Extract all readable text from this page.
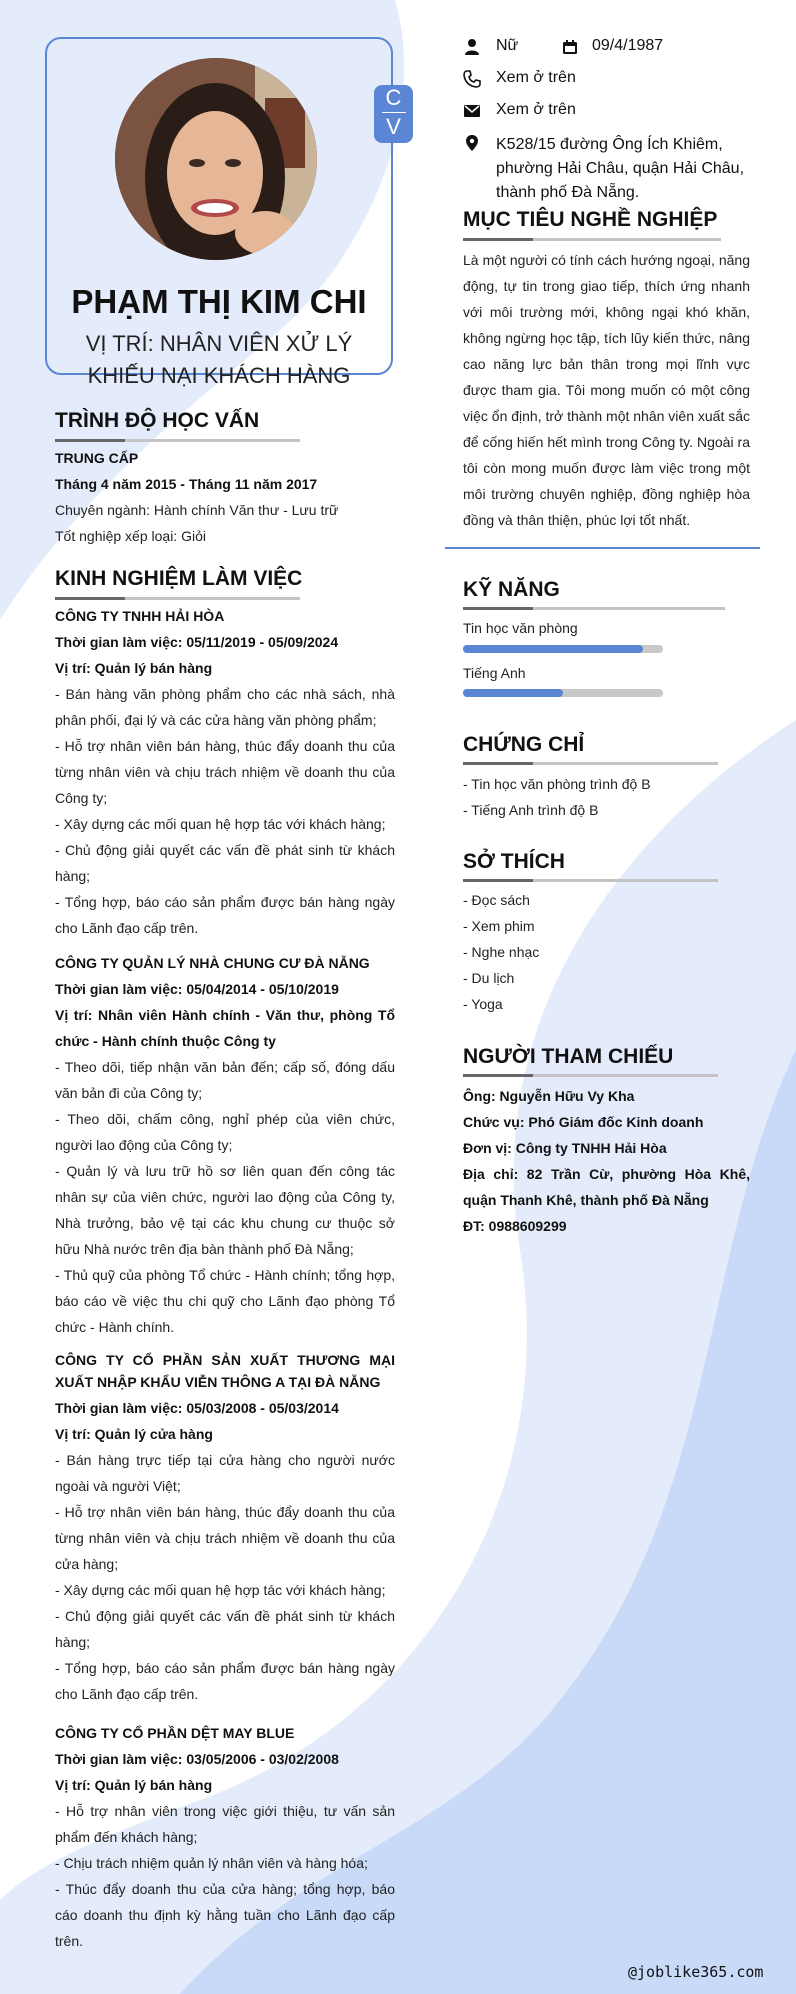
C
V
PHẠM THỊ KIM CHI
VỊ TRÍ: NHÂN VIÊN XỬ LÝ
KHIẾU NẠI KHÁCH HÀNG
Nữ	09/4/1987
Xem ở trên
Xem ở trên
K528/15 đường Ông Ích Khiêm,
phường Hải Châu, quận Hải Châu,
thành phố Đà Nẵng.
MỤC TIÊU NGHỀ NGHIỆP

Là một người có tính cách hướng ngoại, năng động, tự tin trong giao tiếp, thích ứng nhanh với môi trường mới, không ngại khó khăn, không ngừng học tập, tích lũy kiến thức, nâng cao năng lực bản thân trong mọi lĩnh vực được tham gia. Tôi mong muốn có một công việc ổn định, trở thành một nhân viên xuất sắc để cống hiến hết mình trong Công ty. Ngoài ra tôi còn mong muốn được làm việc trong một môi trường chuyên nghiệp, đồng nghiệp hòa đồng và thân thiện, phúc lợi tốt nhất.

KỸ NĂNG
Tin học văn phòng
Tiếng Anh
CHỨNG CHỈ

- Tin học văn phòng trình độ B

- Tiếng Anh trình độ B

SỞ THÍCH

- Đọc sách

- Xem phim

- Nghe nhạc

- Du lịch

- Yoga

NGƯỜI THAM CHIẾU

Ông: Nguyễn Hữu Vy Kha

Chức vụ: Phó Giám đốc Kinh doanh

Đơn vị: Công ty TNHH Hải Hòa

Địa chỉ: 82 Trần Cừ, phường Hòa Khê, quận Thanh Khê, thành phố Đà Nẵng

ĐT: 0988609299

TRÌNH ĐỘ HỌC VẤN

TRUNG CẤP

Tháng 4 năm 2015 - Tháng 11 năm 2017

Chuyên ngành: Hành chính Văn thư - Lưu trữ

Tốt nghiệp xếp loại: Giỏi

KINH NGHIỆM LÀM VIỆC

CÔNG TY TNHH HẢI HÒA

Thời gian làm việc: 05/11/2019 - 05/09/2024

Vị trí: Quản lý bán hàng

- Bán hàng văn phòng phẩm cho các nhà sách, nhà phân phối, đại lý và các cửa hàng văn phòng phẩm;

- Hỗ trợ nhân viên bán hàng, thúc đẩy doanh thu của từng nhân viên và chịu trách nhiệm về doanh thu của Công ty;

- Xây dựng các mối quan hệ hợp tác với khách hàng;

- Chủ động giải quyết các vấn đề phát sinh từ khách hàng;

- Tổng hợp, báo cáo sản phẩm được bán hàng ngày cho Lãnh đạo cấp trên.

CÔNG TY QUẢN LÝ NHÀ CHUNG CƯ ĐÀ NẴNG

Thời gian làm việc: 05/04/2014 - 05/10/2019

Vị trí: Nhân viên Hành chính - Văn thư, phòng Tổ chức - Hành chính thuộc Công ty

- Theo dõi, tiếp nhận văn bản đến; cấp số, đóng dấu văn bản đi của Công ty;

- Theo dõi, chấm công, nghỉ phép của viên chức, người lao động của Công ty;

- Quản lý và lưu trữ hồ sơ liên quan đến công tác nhân sự của viên chức, người lao động của Công ty, Nhà trưởng, bảo vệ tại các khu chung cư thuộc sở hữu Nhà nước trên địa bàn thành phố Đà Nẵng;

- Thủ quỹ của phòng Tổ chức - Hành chính; tổng hợp, báo cáo về việc thu chi quỹ cho Lãnh đạo phòng Tổ chức - Hành chính.

CÔNG TY CỔ PHẦN SẢN XUẤT THƯƠNG MẠI XUẤT NHẬP KHẨU VIỄN THÔNG A TẠI ĐÀ NẴNG

Thời gian làm việc: 05/03/2008 - 05/03/2014

Vị trí: Quản lý cửa hàng

- Bán hàng trực tiếp tại cửa hàng cho người nước ngoài và người Việt;

- Hỗ trợ nhân viên bán hàng, thúc đẩy doanh thu của từng nhân viên và chịu trách nhiệm về doanh thu của cửa hàng;

- Xây dựng các mối quan hệ hợp tác với khách hàng;

- Chủ động giải quyết các vấn đề phát sinh từ khách hàng;

- Tổng hợp, báo cáo sản phẩm được bán hàng ngày cho Lãnh đạo cấp trên.

CÔNG TY CỔ PHẦN DỆT MAY BLUE

Thời gian làm việc: 03/05/2006 - 03/02/2008

Vị trí: Quản lý bán hàng

- Hỗ trợ nhân viên trong việc giới thiệu, tư vấn sản phẩm đến khách hàng;

- Chịu trách nhiệm quản lý nhân viên và hàng hóa;

- Thúc đẩy doanh thu của cửa hàng; tổng hợp, báo cáo doanh thu định kỳ hằng tuần cho Lãnh đạo cấp trên.

@joblike365.com
